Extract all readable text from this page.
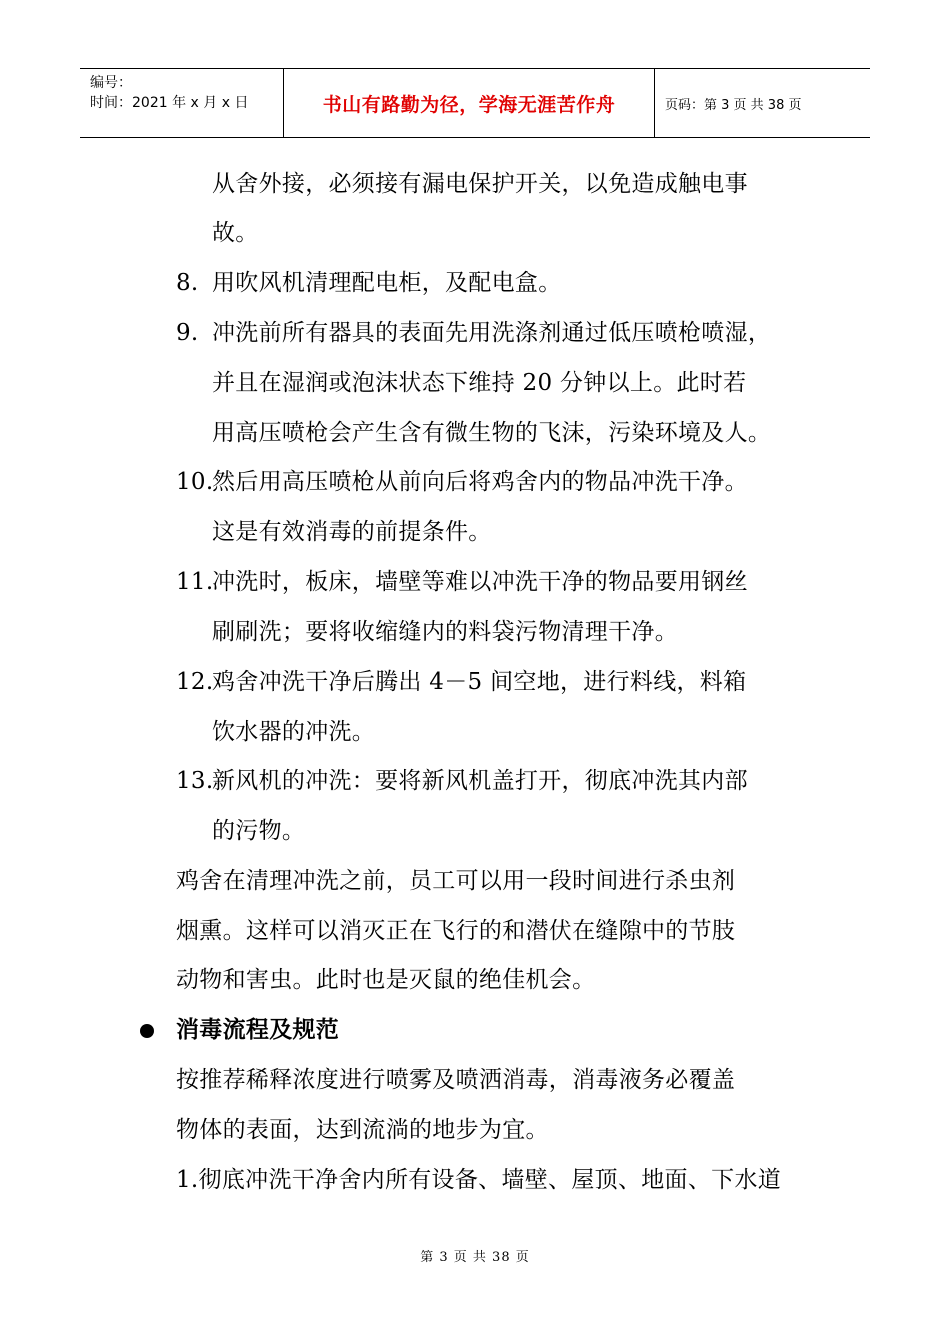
编号：
时间：2021 年 x 月 x 日	书山有路勤为径，学海无涯苦作舟	页码：第 3 页 共 38 页
从舍外接，必须接有漏电保护开关，以免造成触电事
故。
8. 用吹风机清理配电柜，及配电盒。
9. 冲洗前所有器具的表面先用洗涤剂通过低压喷枪喷湿，
并且在湿润或泡沫状态下维持 20 分钟以上。此时若
用高压喷枪会产生含有微生物的飞沫，污染环境及人。
10.
然后用高压喷枪从前向后将鸡舍内的物品冲洗干净。
这是有效消毒的前提条件。
11.
冲洗时，板床，墙壁等难以冲洗干净的物品要用钢丝
刷刷洗；要将收缩缝内的料袋污物清理干净。
12.
鸡舍冲洗干净后腾出 4－5 间空地，进行料线，料箱
饮水器的冲洗。
13.
新风机的冲洗：要将新风机盖打开，彻底冲洗其内部
的污物。
鸡舍在清理冲洗之前，员工可以用一段时间进行杀虫剂
烟熏。这样可以消灭正在飞行的和潜伏在缝隙中的节肢
动物和害虫。此时也是灭鼠的绝佳机会。
消毒流程及规范
按推荐稀释浓度进行喷雾及喷洒消毒，消毒液务必覆盖
物体的表面，达到流淌的地步为宜。
1.彻底冲洗干净舍内所有设备、墙壁、屋顶、地面、下水道
第 3 页 共 38 页
